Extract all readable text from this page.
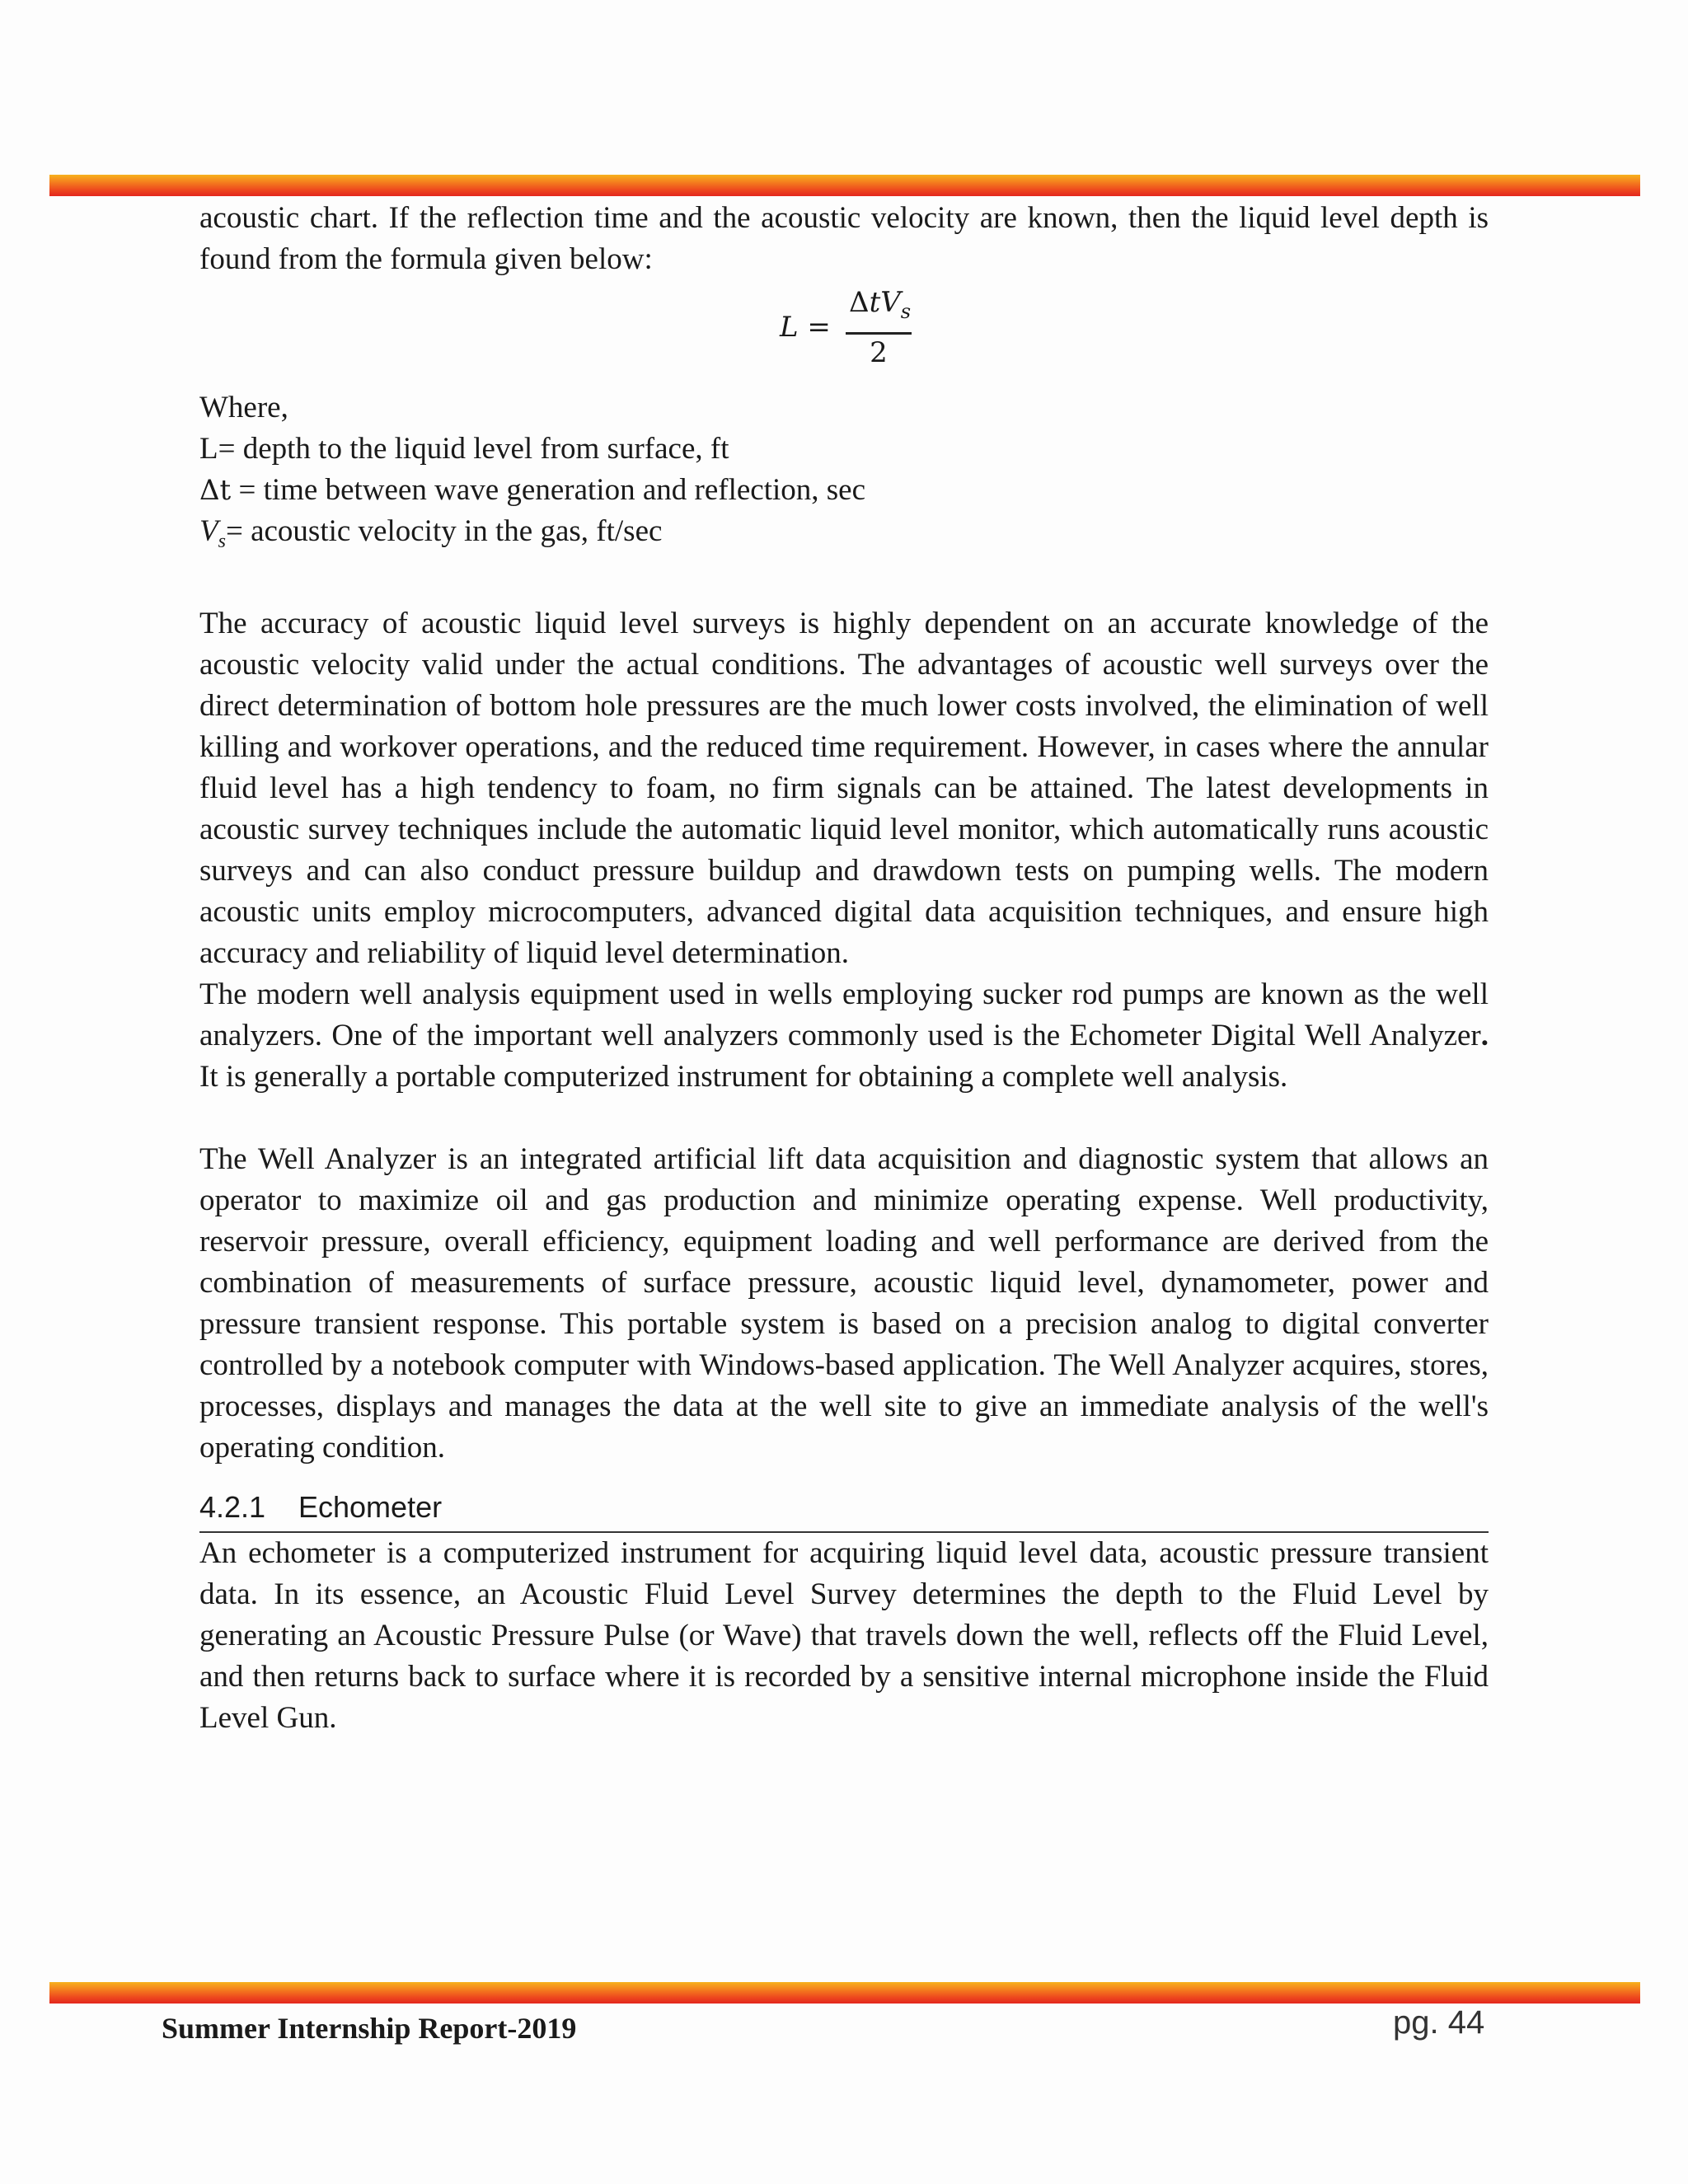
acoustic chart. If the reflection time and the acoustic velocity are known, then the liquid level depth is found from the formula given below:

L =
ΔtV$_s$
2
Where,
L= depth to the liquid level from surface, ft
Δt = time between wave generation and reflection, sec
$V_s=$ acoustic velocity in the gas, ft/sec

The accuracy of acoustic liquid level surveys is highly dependent on an accurate knowledge of the acoustic velocity valid under the actual conditions. The advantages of acoustic well surveys over the direct determination of bottom hole pressures are the much lower costs involved, the elimination of well killing and workover operations, and the reduced time requirement. However, in cases where the annular fluid level has a high tendency to foam, no firm signals can be attained. The latest developments in acoustic survey techniques include the automatic liquid level monitor, which automatically runs acoustic surveys and can also conduct pressure buildup and drawdown tests on pumping wells. The modern acoustic units employ microcomputers, advanced digital data acquisition techniques, and ensure high accuracy and reliability of liquid level determination.

The modern well analysis equipment used in wells employing sucker rod pumps are known as the well analyzers. One of the important well analyzers commonly used is the Echometer Digital Well Analyzer. It is generally a portable computerized instrument for obtaining a complete well analysis.

The Well Analyzer is an integrated artificial lift data acquisition and diagnostic system that allows an operator to maximize oil and gas production and minimize operating expense. Well productivity, reservoir pressure, overall efficiency, equipment loading and well performance are derived from the combination of measurements of surface pressure, acoustic liquid level, dynamometer, power and pressure transient response. This portable system is based on a precision analog to digital converter controlled by a notebook computer with Windows-based application. The Well Analyzer acquires, stores, processes, displays and manages the data at the well site to give an immediate analysis of the well's operating condition.

4.2.1 Echometer

An echometer is a computerized instrument for acquiring liquid level data, acoustic pressure transient data. In its essence, an Acoustic Fluid Level Survey determines the depth to the Fluid Level by generating an Acoustic Pressure Pulse (or Wave) that travels down the well, reflects off the Fluid Level, and then returns back to surface where it is recorded by a sensitive internal microphone inside the Fluid Level Gun.

Summer Internship Report-2019	pg. 44
